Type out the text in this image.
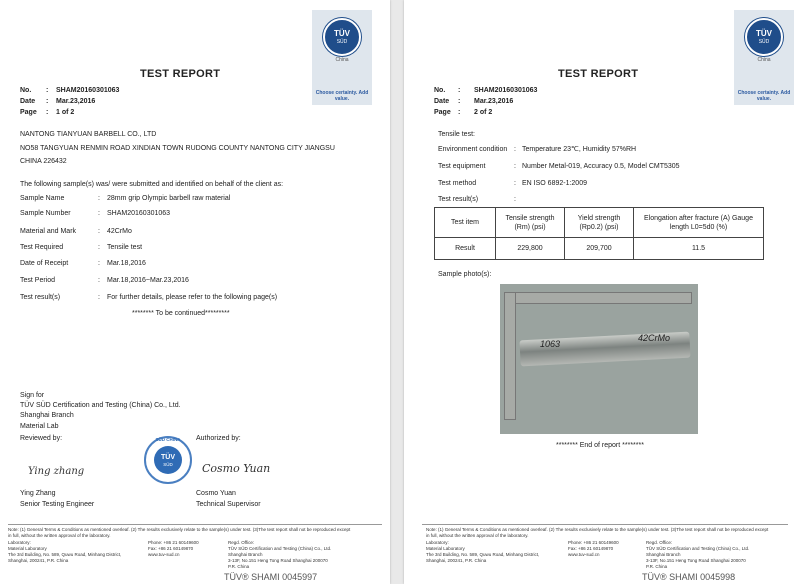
TÜV
SÜD
China
Choose certainty. Add value.
TEST REPORT
No. : SHAM20160301063
Date : Mar.23,2016
Page : 1 of 2
NANTONG TIANYUAN BARBELL CO., LTD
NO58 TANGYUAN RENMIN ROAD XINDIAN TOWN RUDONG COUNTY NANTONG CITY JIANGSU
CHINA 226432
The following sample(s) was/ were submitted and identified on behalf of the client as:
Sample Name	: 28mm grip Olympic barbell raw material
Sample Number	: SHAM20160301063
Material and Mark	: 42CrMo
Test Required	: Tensile test
Date of Receipt	: Mar.18,2016
Test Period	: Mar.18,2016~Mar.23,2016
Test result(s)	: For further details, please refer to the following page(s)
******** To be continued*********
Sign for
TÜV SÜD Certification and Testing (China) Co., Ltd.
Shanghai Branch
Material Lab
Reviewed by:	Authorized by:
SÜD CHINA
TÜV
SÜD
Ying zhang	Cosmo Yuan
Ying Zhang
Senior Testing Engineer
Cosmo Yuan
Technical Supervisor
Note: (1) General Terms & Conditions as mentioned overleaf. (2) The results exclusively relate to the sample(s) under test. (3)The test report shall not be reproduced except in full, without the written approval of the laboratory.
Laboratory:
Material Laboratory
The 3rd Building, No. 589, Quwu Road, Minhang District,
Shanghai, 200241, P.R. China
Phone: +86 21 60149600
Fax: +86 21 60149870
www.tuv-sud.cn
Regd. Office:
TÜV SÜD Certification and Testing (China) Co., Ltd.
Shanghai Branch
3-13F, No.151 Heng Tong Road Shanghai 200070
P.R. China
TÜV® SHAMI 0045997
TÜV
SÜD
China
Choose certainty. Add value.
TEST REPORT
No. : SHAM20160301063
Date : Mar.23,2016
Page : 2 of 2
Tensile test:
Environment condition : Temperature 23℃, Humidity 57%RH
Test equipment	: Number Metal-019, Accuracy 0.5, Model CMT5305
Test method	: EN ISO 6892-1:2009
Test result(s)	:
Test item	Tensile strength (Rm) (psi)	Yield strength (Rp0.2) (psi)	Elongation after fracture (A) Gauge length L0=5d0 (%)
Result	229,800	209,700	11.5
Sample photo(s):
1063
42CrMo
******** End of report ********
Note: (1) General Terms & Conditions as mentioned overleaf. (2) The results exclusively relate to the sample(s) under test. (3)The test report shall not be reproduced except in full, without the written approval of the laboratory.
Laboratory:
Material Laboratory
The 3rd Building, No. 589, Quwu Road, Minhang District,
Shanghai, 200241, P.R. China
Phone: +86 21 60149600
Fax: +86 21 60149870
www.tuv-sud.cn
Regd. Office:
TÜV SÜD Certification and Testing (China) Co., Ltd.
Shanghai Branch
3-13F, No.151 Heng Tong Road Shanghai 200070
P.R. China
TÜV® SHAMI 0045998
